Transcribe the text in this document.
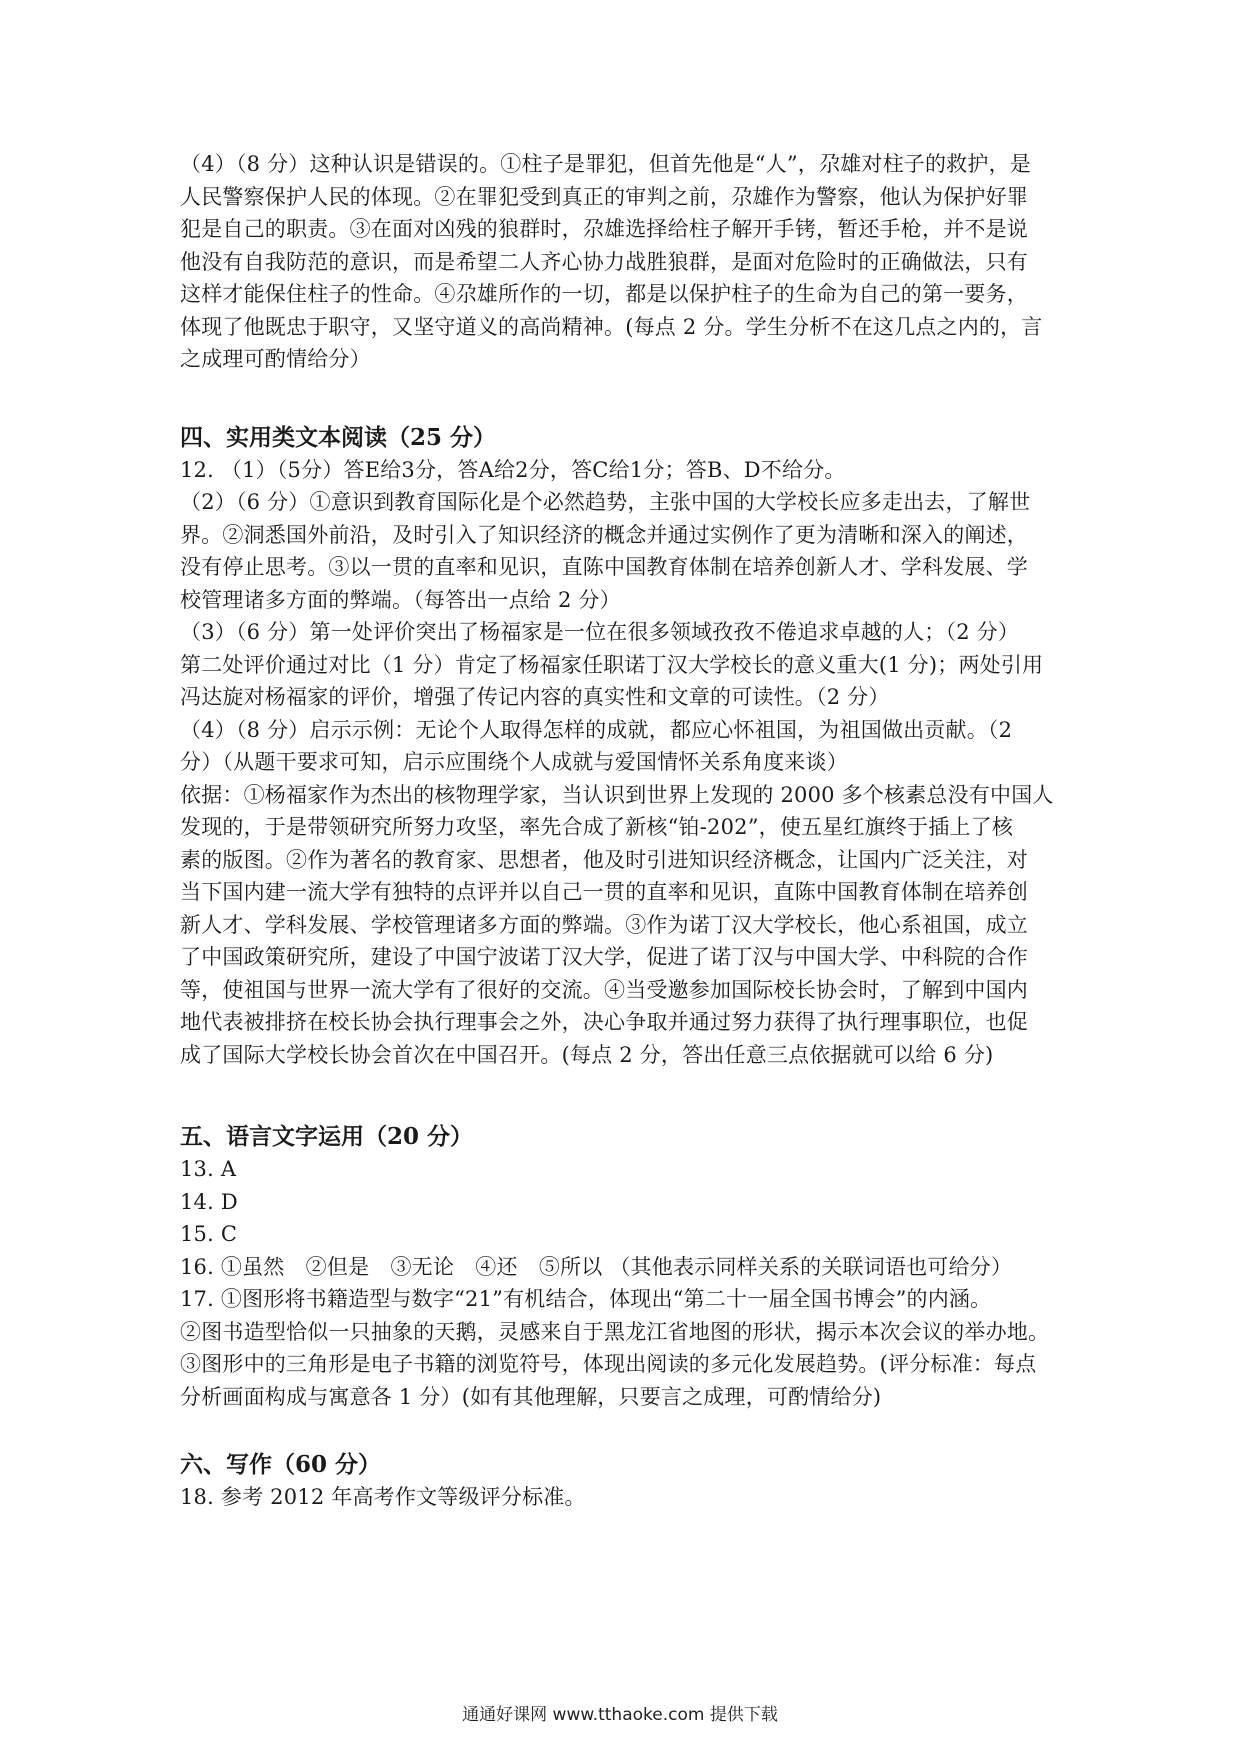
（4）（8 分）这种认识是错误的。①柱子是罪犯，但首先他是“人”，尕雄对柱子的救护，是
人民警察保护人民的体现。②在罪犯受到真正的审判之前，尕雄作为警察，他认为保护好罪
犯是自己的职责。③在面对凶残的狼群时，尕雄选择给柱子解开手铐，暂还手枪，并不是说
他没有自我防范的意识，而是希望二人齐心协力战胜狼群，是面对危险时的正确做法，只有
这样才能保住柱子的性命。④尕雄所作的一切，都是以保护柱子的生命为自己的第一要务，
体现了他既忠于职守，又坚守道义的高尚精神。(每点 2 分。学生分析不在这几点之内的，言
之成理可酌情给分）
四、实用类文本阅读（25 分）
12. （1）（5分）答E给3分，答A给2分，答C给1分；答B、D不给分。
（2）（6 分）①意识到教育国际化是个必然趋势，主张中国的大学校长应多走出去，了解世
界。②洞悉国外前沿，及时引入了知识经济的概念并通过实例作了更为清晰和深入的阐述，
没有停止思考。③以一贯的直率和见识，直陈中国教育体制在培养创新人才、学科发展、学
校管理诸多方面的弊端。（每答出一点给 2 分）
（3）（6 分）第一处评价突出了杨福家是一位在很多领域孜孜不倦追求卓越的人；（2 分）
第二处评价通过对比（1 分）肯定了杨福家任职诺丁汉大学校长的意义重大(1 分)；两处引用
冯达旋对杨福家的评价，增强了传记内容的真实性和文章的可读性。（2 分）
（4）（8 分）启示示例：无论个人取得怎样的成就，都应心怀祖国，为祖国做出贡献。（2
分）（从题干要求可知，启示应围绕个人成就与爱国情怀关系角度来谈）
依据：①杨福家作为杰出的核物理学家，当认识到世界上发现的 2000 多个核素总没有中国人
发现的，于是带领研究所努力攻坚，率先合成了新核“铂-202”，使五星红旗终于插上了核
素的版图。②作为著名的教育家、思想者，他及时引进知识经济概念，让国内广泛关注，对
当下国内建一流大学有独特的点评并以自己一贯的直率和见识，直陈中国教育体制在培养创
新人才、学科发展、学校管理诸多方面的弊端。③作为诺丁汉大学校长，他心系祖国，成立
了中国政策研究所，建设了中国宁波诺丁汉大学，促进了诺丁汉与中国大学、中科院的合作
等，使祖国与世界一流大学有了很好的交流。④当受邀参加国际校长协会时，了解到中国内
地代表被排挤在校长协会执行理事会之外，决心争取并通过努力获得了执行理事职位，也促
成了国际大学校长协会首次在中国召开。(每点 2 分，答出任意三点依据就可以给 6 分)
五、语言文字运用（20 分）
13. A
14. D
15. C
16. ①虽然　②但是　③无论　④还　⑤所以 （其他表示同样关系的关联词语也可给分）
17. ①图形将书籍造型与数字“21”有机结合，体现出“第二十一届全国书博会”的内涵。
②图书造型恰似一只抽象的天鹅，灵感来自于黑龙江省地图的形状，揭示本次会议的举办地。
③图形中的三角形是电子书籍的浏览符号，体现出阅读的多元化发展趋势。(评分标准：每点
分析画面构成与寓意各 1 分）(如有其他理解，只要言之成理，可酌情给分)
六、写作（60 分）
18. 参考 2012 年高考作文等级评分标准。
通通好课网 www.tthaoke.com 提供下载
